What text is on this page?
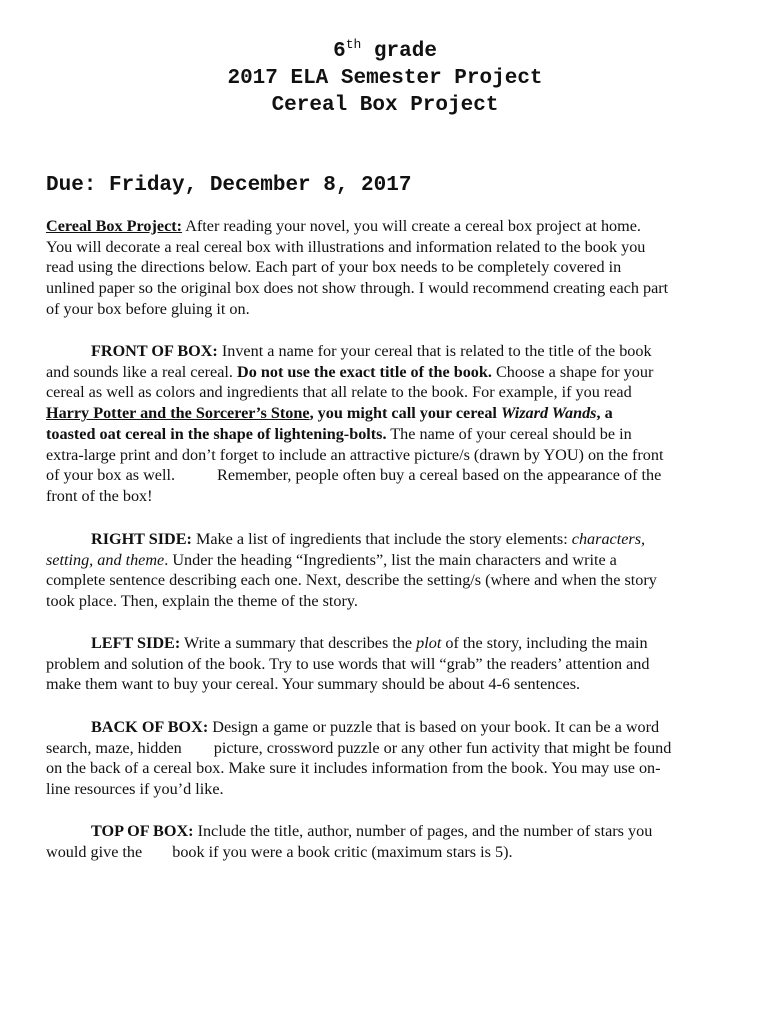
6th grade
2017 ELA Semester Project
Cereal Box Project
Due: Friday, December 8, 2017
Cereal Box Project: After reading your novel, you will create a cereal box project at home.
You will decorate a real cereal box with illustrations and information related to the book you
read using the directions below. Each part of your box needs to be completely covered in
unlined paper so the original box does not show through. I would recommend creating each part
of your box before gluing it on.
FRONT OF BOX: Invent a name for your cereal that is related to the title of the book
and sounds like a real cereal. Do not use the exact title of the book. Choose a shape for your
cereal as well as colors and ingredients that all relate to the book. For example, if you read
Harry Potter and the Sorcerer’s Stone, you might call your cereal Wizard Wands, a
toasted oat cereal in the shape of lightening-bolts. The name of your cereal should be in
extra-large print and don’t forget to include an attractive picture/s (drawn by YOU) on the front
of your box as well.	Remember, people often buy a cereal based on the appearance of the
front of the box!
RIGHT SIDE: Make a list of ingredients that include the story elements: characters,
setting, and theme. Under the heading “Ingredients”, list the main characters and write a
complete sentence describing each one. Next, describe the setting/s (where and when the story
took place. Then, explain the theme of the story.
LEFT SIDE: Write a summary that describes the plot of the story, including the main
problem and solution of the book. Try to use words that will “grab” the readers’ attention and
make them want to buy your cereal. Your summary should be about 4-6 sentences.
BACK OF BOX: Design a game or puzzle that is based on your book. It can be a word
search, maze, hidden picture, crossword puzzle or any other fun activity that might be found
on the back of a cereal box. Make sure it includes information from the book. You may use on-
line resources if you’d like.
TOP OF BOX: Include the title, author, number of pages, and the number of stars you
would give the book if you were a book critic (maximum stars is 5).
